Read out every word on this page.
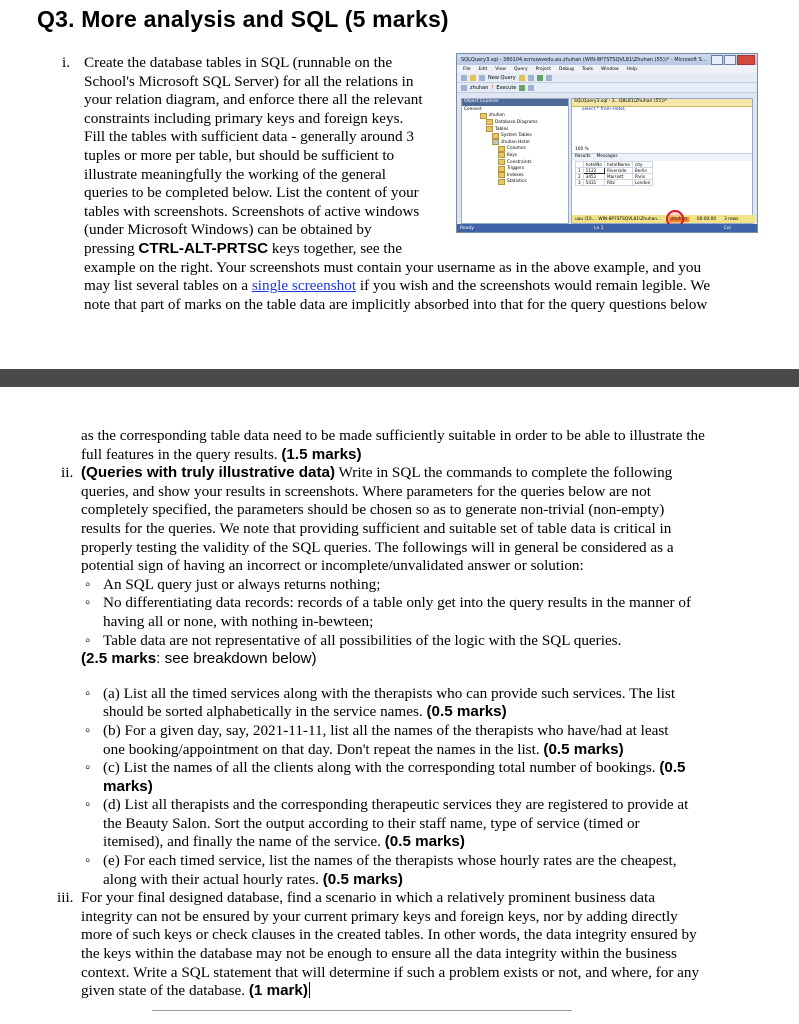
Q3. More analysis and SQL (5 marks)
i. Create the database tables in SQL (runnable on the
School's Microsoft SQL Server) for all the relations in
your relation diagram, and enforce there all the relevant
constraints including primary keys and foreign keys.
Fill the tables with sufficient data - generally around 3
tuples or more per table, but should be sufficient to
illustrate meaningfully the working of the general
queries to be completed below. List the content of your
tables with screenshots. Screenshots of active windows
(under Microsoft Windows) can be obtained by
pressing CTRL-ALT-PRTSC keys together, see the
example on the right. Your screenshots must contain your username as in the above example, and you
may list several tables on a single screenshot if you wish and the screenshots would remain legible. We
note that part of marks on the table data are implicitly absorbed into that for the query questions below
SQLQuery3.sql - 380104.scmuwvedu.au.zhuhan (WIN-8P7STSQVL81\Zhuhan (55))* - Microsoft S...
File Edit View Query Project Debug Tools Window Help
New Query
zhuhan ! Execute
Object Explorer
Connect
zhuhan
Database Diagrams
Tables
System Tables
zhuhan.Hotel
Columns
Keys
Constraints
Triggers
Indexes
Statistics
SQLQuery3.sql - 3...Q8L81\Zhuhan (55))*
select * from Hotel;
100 %
Results Messages
	hotelNo	hotelName	city
1	1122	Riverside	Berlin
2	3451	Marriott	Paris
3	5431	Ritz	London
uau (10.... WIN-8P7STSQVL81\Zhuhan...	zhuhan	00:00:00 3 rows
Ready	Ln 1	Col
as the corresponding table data need to be made sufficiently suitable in order to be able to illustrate the
full features in the query results. (1.5 marks)
ii. (Queries with truly illustrative data) Write in SQL the commands to complete the following
queries, and show your results in screenshots. Where parameters for the queries below are not
completely specified, the parameters should be chosen so as to generate non-trivial (non-empty)
results for the queries. We note that providing sufficient and suitable set of table data is critical in
properly testing the validity of the SQL queries. The followings will in general be considered as a
potential sign of having an incorrect or incomplete/unvalidated answer or solution:
◦ An SQL query just or always returns nothing;
◦ No differentiating data records: records of a table only get into the query results in the manner of
having all or none, with nothing in-bewteen;
◦ Table data are not representative of all possibilities of the logic with the SQL queries.
(2.5 marks: see breakdown below)
◦ (a) List all the timed services along with the therapists who can provide such services. The list
should be sorted alphabetically in the service names. (0.5 marks)
◦ (b) For a given day, say, 2021-11-11, list all the names of the therapists who have/had at least
one booking/appointment on that day. Don't repeat the names in the list. (0.5 marks)
◦ (c) List the names of all the clients along with the corresponding total number of bookings. (0.5
marks)
◦ (d) List all therapists and the corresponding therapeutic services they are registered to provide at
the Beauty Salon. Sort the output according to their staff name, type of service (timed or
itemised), and finally the name of the service. (0.5 marks)
◦ (e) For each timed service, list the names of the therapists whose hourly rates are the cheapest,
along with their actual hourly rates. (0.5 marks)
iii. For your final designed database, find a scenario in which a relatively prominent business data
integrity can not be ensured by your current primary keys and foreign keys, nor by adding directly
more of such keys or check clauses in the created tables. In other words, the data integrity ensured by
the keys within the database may not be enough to ensure all the data integrity within the business
context. Write a SQL statement that will determine if such a problem exists or not, and where, for any
given state of the database. (1 mark)
